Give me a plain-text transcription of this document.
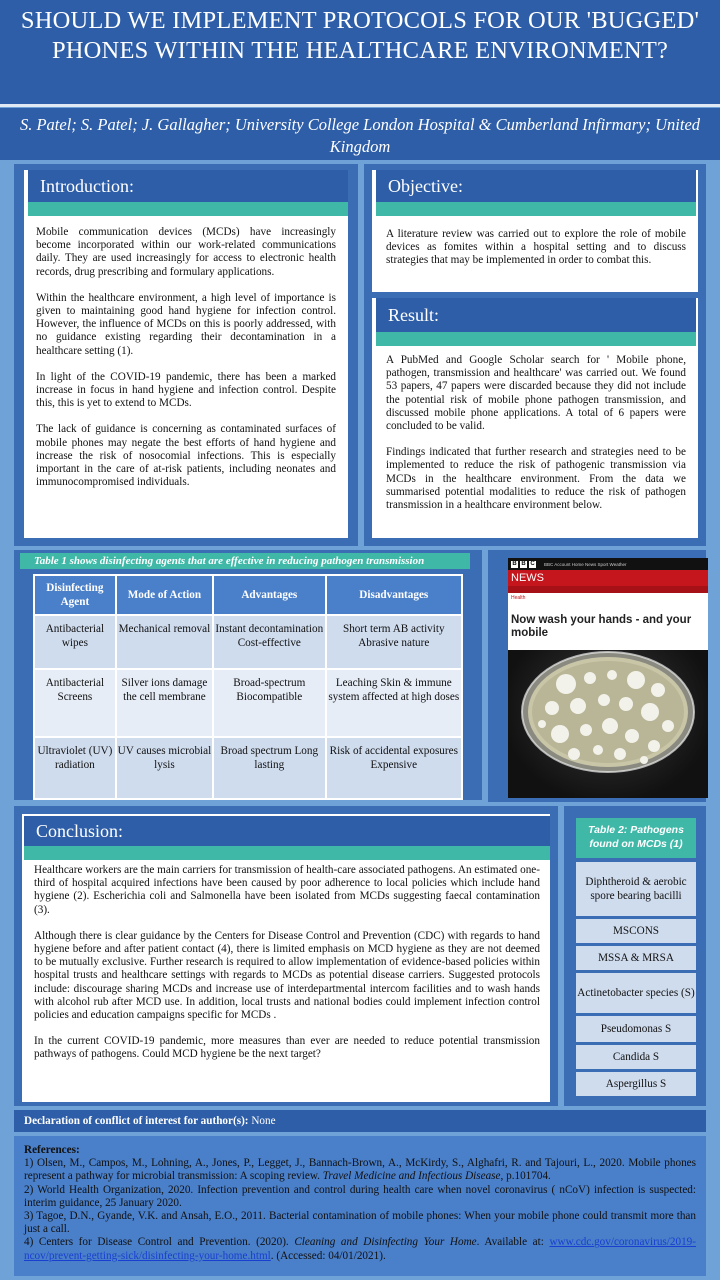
SHOULD WE IMPLEMENT PROTOCOLS FOR OUR 'BUGGED' PHONES WITHIN THE HEALTHCARE ENVIRONMENT?
S. Patel; S. Patel; J. Gallagher; University College London Hospital & Cumberland Infirmary; United Kingdom
Introduction:

Mobile communication devices (MCDs) have increasingly become incorporated within our work-related communications daily. They are used increasingly for access to electronic health records, drug prescribing and formulary applications.

Within the healthcare environment, a high level of importance is given to maintaining good hand hygiene for infection control. However, the influence of MCDs on this is poorly addressed, with no guidance existing regarding their decontamination in a healthcare setting (1).

In light of the COVID-19 pandemic, there has been a marked increase in focus in hand hygiene and infection control. Despite this, this is yet to extend to MCDs.

The lack of guidance is concerning as contaminated surfaces of mobile phones may negate the best efforts of hand hygiene and increase the risk of nosocomial infections. This is especially important in the care of at-risk patients, including neonates and immunocompromised individuals.

Objective:
A literature review was carried out to explore the role of mobile devices as fomites within a hospital setting and to discuss strategies that may be implemented in order to combat this.
Result:

A PubMed and Google Scholar search for ' Mobile phone, pathogen, transmission and healthcare' was carried out. We found 53 papers, 47 papers were discarded because they did not include the potential risk of mobile phone pathogen transmission, and discussed mobile phone applications. A total of 6 papers were concluded to be valid.

Findings indicated that further research and strategies need to be implemented to reduce the risk of pathogenic transmission via MCDs in the healthcare environment. From the data we summarised potential modalities to reduce the risk of pathogen transmission in a healthcare environment below.

Table 1 shows disinfecting agents that are effective in reducing pathogen transmission
Disinfecting Agent	Mode of Action	Advantages	Disadvantages
Antibacterial wipes	Mechanical removal	Instant decontamination Cost-effective	Short term AB activity Abrasive nature
Antibacterial Screens	Silver ions damage the cell membrane	Broad-spectrum Biocompatible	Leaching Skin & immune system affected at high doses
Ultraviolet (UV) radiation	UV causes microbial lysis	Broad spectrum Long lasting	Risk of accidental exposures Expensive
B B C BBC Account Home News Sport Weather
NEWS
Health
Now wash your hands - and your mobile
Conclusion:

Healthcare workers are the main carriers for transmission of health-care associated pathogens. An estimated one-third of hospital acquired infections have been caused by poor adherence to local policies which include hand hygiene (2). Escherichia coli and Salmonella have been isolated from MCDs suggesting faecal contamination (3).

Although there is clear guidance by the Centers for Disease Control and Prevention (CDC) with regards to hand hygiene before and after patient contact (4), there is limited emphasis on MCD hygiene as they are not deemed to be mutually exclusive. Further research is required to allow implementation of evidence-based policies within hospital trusts and healthcare settings with regards to MCDs as potential disease carriers. Suggested protocols include: discourage sharing MCDs and increase use of interdepartmental intercom facilities and to wash hands with alcohol rub after MCD use. In addition, local trusts and national bodies could implement infection control policies and education campaigns specific for MCDs .

In the current COVID-19 pandemic, more measures than ever are needed to reduce potential transmission pathways of pathogens. Could MCD hygiene be the next target?

Table 2: Pathogens found on MCDs (1)
Diphtheroid & aerobic spore bearing bacilli
MSCONS
MSSA & MRSA
Actinetobacter species (S)
Pseudomonas S
Candida S
Aspergillus S
Declaration of conflict of interest for author(s): None
References:
1) Olsen, M., Campos, M., Lohning, A., Jones, P., Legget, J., Bannach-Brown, A., McKirdy, S., Alghafri, R. and Tajouri, L., 2020. Mobile phones represent a pathway for microbial transmission: A scoping review. Travel Medicine and Infectious Disease, p.101704.
2) World Health Organization, 2020. Infection prevention and control during health care when novel coronavirus ( nCoV) infection is suspected: interim guidance, 25 January 2020.
3) Tagoe, D.N., Gyande, V.K. and Ansah, E.O., 2011. Bacterial contamination of mobile phones: When your mobile phone could transmit more than just a call.
4) Centers for Disease Control and Prevention. (2020). Cleaning and Disinfecting Your Home. Available at: www.cdc.gov/coronavirus/2019-ncov/prevent-getting-sick/disinfecting-your-home.html. (Accessed: 04/01/2021).
